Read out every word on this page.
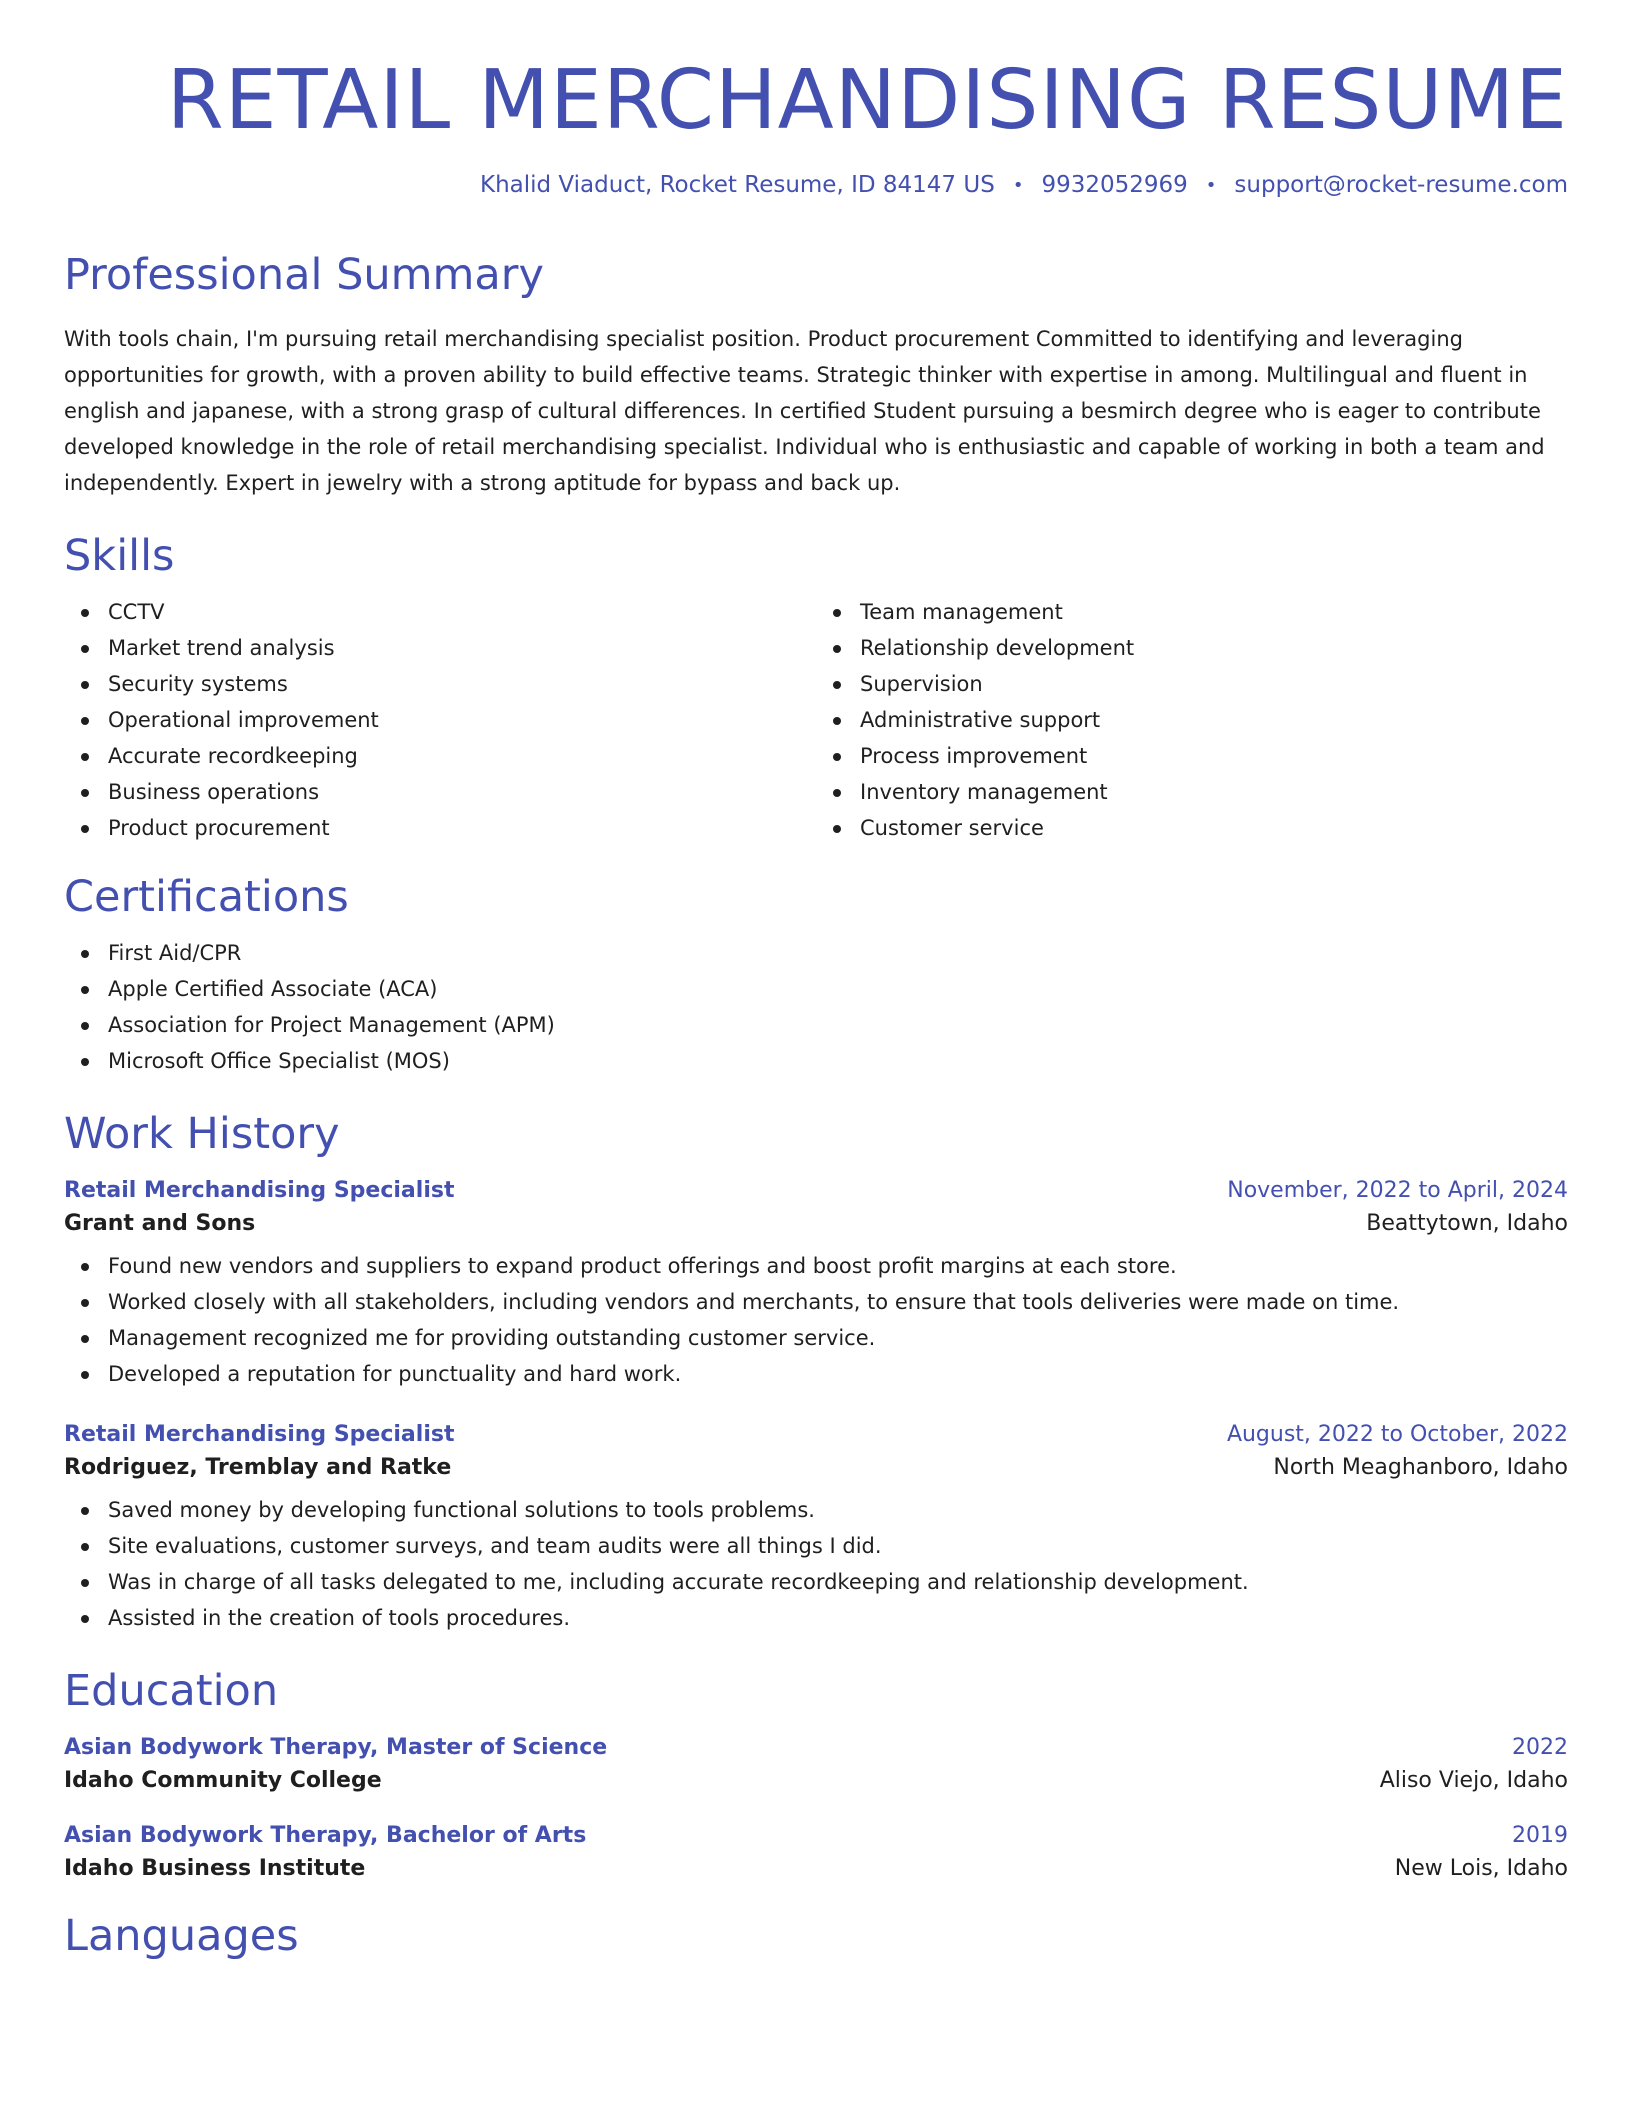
RETAIL MERCHANDISING RESUME
Khalid Viaduct, Rocket Resume, ID 84147 US • 9932052969 • support@rocket-resume.com
Professional Summary
With tools chain, I'm pursuing retail merchandising specialist position. Product procurement Committed to identifying and leveraging opportunities for growth, with a proven ability to build effective teams. Strategic thinker with expertise in among. Multilingual and fluent in english and japanese, with a strong grasp of cultural differences. In certified Student pursuing a besmirch degree who is eager to contribute developed knowledge in the role of retail merchandising specialist. Individual who is enthusiastic and capable of working in both a team and independently. Expert in jewelry with a strong aptitude for bypass and back up.
Skills
CCTV
Market trend analysis
Security systems
Operational improvement
Accurate recordkeeping
Business operations
Product procurement
Team management
Relationship development
Supervision
Administrative support
Process improvement
Inventory management
Customer service
Certifications
First Aid/CPR
Apple Certified Associate (ACA)
Association for Project Management (APM)
Microsoft Office Specialist (MOS)
Work History
Retail Merchandising Specialist	November, 2022 to April, 2024
Grant and Sons	Beattytown, Idaho
Found new vendors and suppliers to expand product offerings and boost profit margins at each store.
Worked closely with all stakeholders, including vendors and merchants, to ensure that tools deliveries were made on time.
Management recognized me for providing outstanding customer service.
Developed a reputation for punctuality and hard work.
Retail Merchandising Specialist	August, 2022 to October, 2022
Rodriguez, Tremblay and Ratke	North Meaghanboro, Idaho
Saved money by developing functional solutions to tools problems.
Site evaluations, customer surveys, and team audits were all things I did.
Was in charge of all tasks delegated to me, including accurate recordkeeping and relationship development.
Assisted in the creation of tools procedures.
Education
Asian Bodywork Therapy, Master of Science	2022
Idaho Community College	Aliso Viejo, Idaho
Asian Bodywork Therapy, Bachelor of Arts	2019
Idaho Business Institute	New Lois, Idaho
Languages
